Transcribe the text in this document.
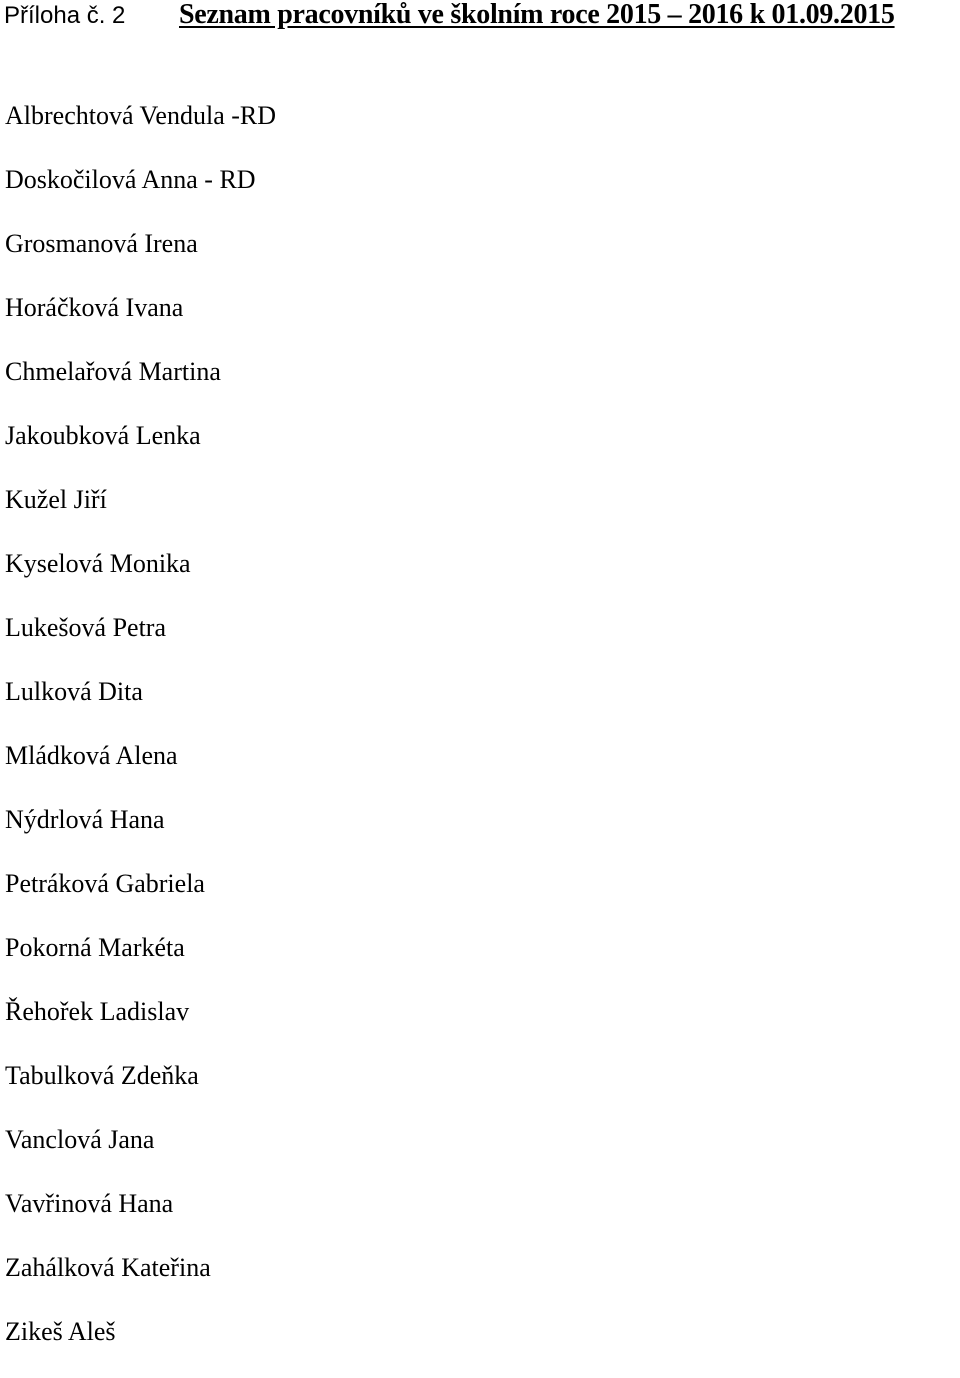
Příloha č. 2 Seznam pracovníků ve školním roce 2015 – 2016 k 01.09.2015
Albrechtová Vendula -RD
Doskočilová Anna - RD
Grosmanová Irena
Horáčková Ivana
Chmelařová Martina
Jakoubková Lenka
Kužel Jiří
Kyselová Monika
Lukešová Petra
Lulková Dita
Mládková Alena
Nýdrlová Hana
Petráková Gabriela
Pokorná Markéta
Řehořek Ladislav
Tabulková Zdeňka
Vanclová Jana
Vavřinová Hana
Zahálková Kateřina
Zikeš Aleš
